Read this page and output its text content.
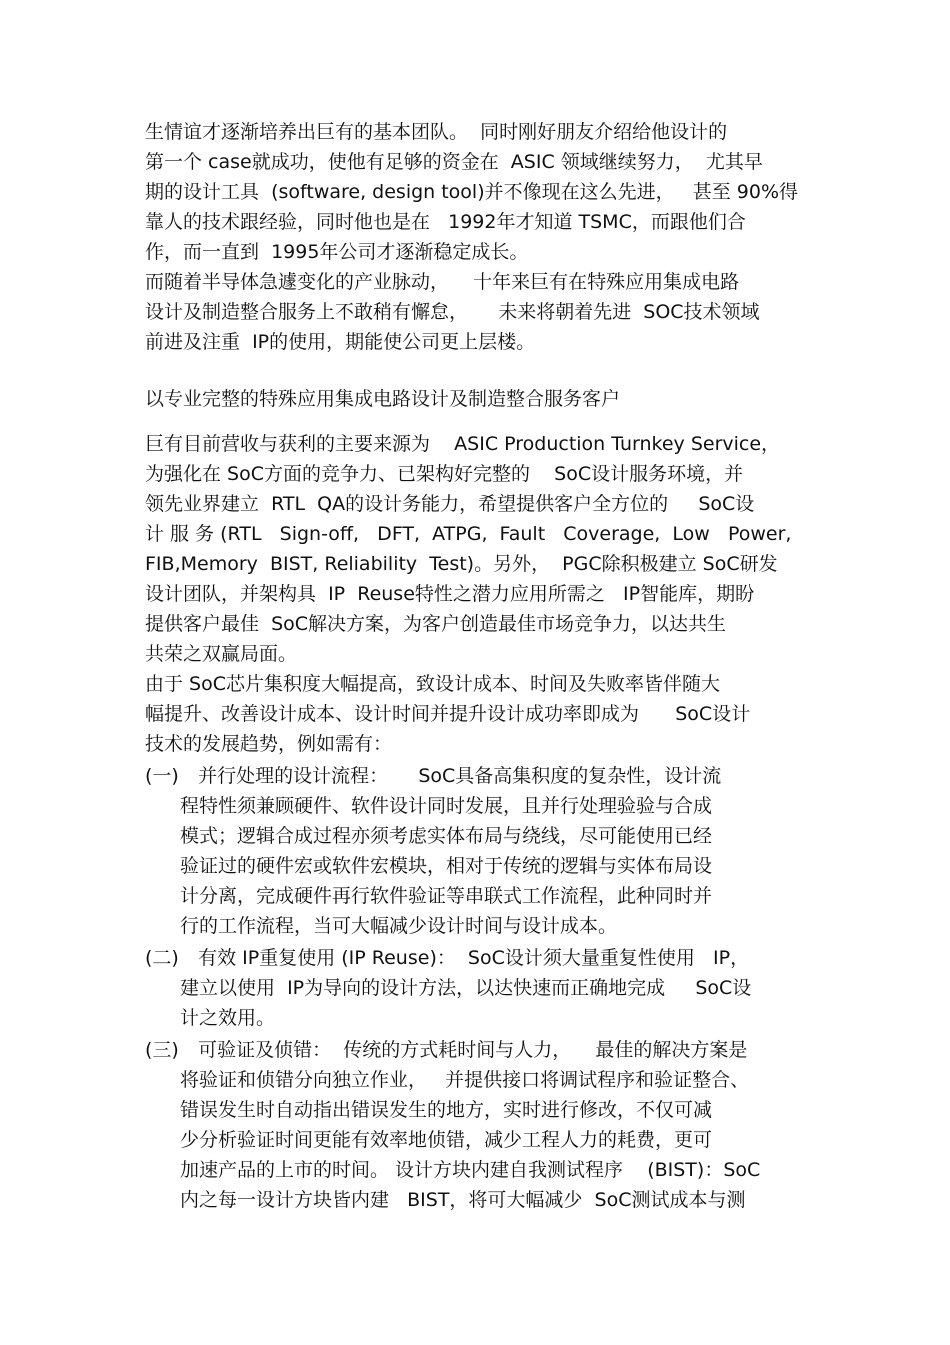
生情谊才逐渐培养出巨有的基本团队。  同时刚好朋友介绍给他设计的
第一个 case就成功，使他有足够的资金在  ASIC 领域继续努力，  尤其早
期的设计工具  (software, design tool)并不像现在这么先进，   甚至 90%得
靠人的技术跟经验，同时他也是在   1992年才知道 TSMC，而跟他们合
作，而一直到  1995年公司才逐渐稳定成长。
而随着半导体急遽变化的产业脉动，    十年来巨有在特殊应用集成电路
设计及制造整合服务上不敢稍有懈怠，     未来将朝着先进  SOC技术领域
前进及注重  IP的使用，期能使公司更上层楼。
以专业完整的特殊应用集成电路设计及制造整合服务客户
巨有目前营收与获利的主要来源为    ASIC Production Turnkey Service，
为强化在 SoC方面的竞争力、已架构好完整的    SoC设计服务环境，并
领先业界建立  RTL  QA的设计务能力，希望提供客户全方位的     SoC设
计 服 务 (RTL   Sign-off,   DFT,  ATPG,  Fault   Coverage,  Low   Power,
FIB,Memory  BIST, Reliability  Test)。另外，  PGC除积极建立 SoC研发
设计团队，并架构具  IP  Reuse特性之潜力应用所需之   IP智能库，期盼
提供客户最佳  SoC解决方案，为客户创造最佳市场竞争力，以达共生
共荣之双赢局面。
由于 SoC芯片集积度大幅提高，致设计成本、时间及失败率皆伴随大
幅提升、改善设计成本、设计时间并提升设计成功率即成为      SoC设计
技术的发展趋势，例如需有：
(一) 并行处理的设计流程：     SoC具备高集积度的复杂性，设计流
程特性须兼顾硬件、软件设计同时发展，且并行处理验验与合成
模式；逻辑合成过程亦须考虑实体布局与绕线，尽可能使用已经
验证过的硬件宏或软件宏模块，相对于传统的逻辑与实体布局设
计分离，完成硬件再行软件验证等串联式工作流程，此种同时并
行的工作流程，当可大幅减少设计时间与设计成本。
(二) 有效 IP重复使用 (IP Reuse)：  SoC设计须大量重复性使用   IP，
建立以使用  IP为导向的设计方法，以达快速而正确地完成     SoC设
计之效用。
(三) 可验证及侦错：  传统的方式耗时间与人力，    最佳的解决方案是
将验证和侦错分向独立作业，   并提供接口将调试程序和验证整合、
错误发生时自动指出错误发生的地方，实时进行修改，不仅可减
少分析验证时间更能有效率地侦错，减少工程人力的耗费，更可
加速产品的上市的时间。 设计方块内建自我测试程序    (BIST)：SoC
内之每一设计方块皆内建   BIST，将可大幅减少  SoC测试成本与测
